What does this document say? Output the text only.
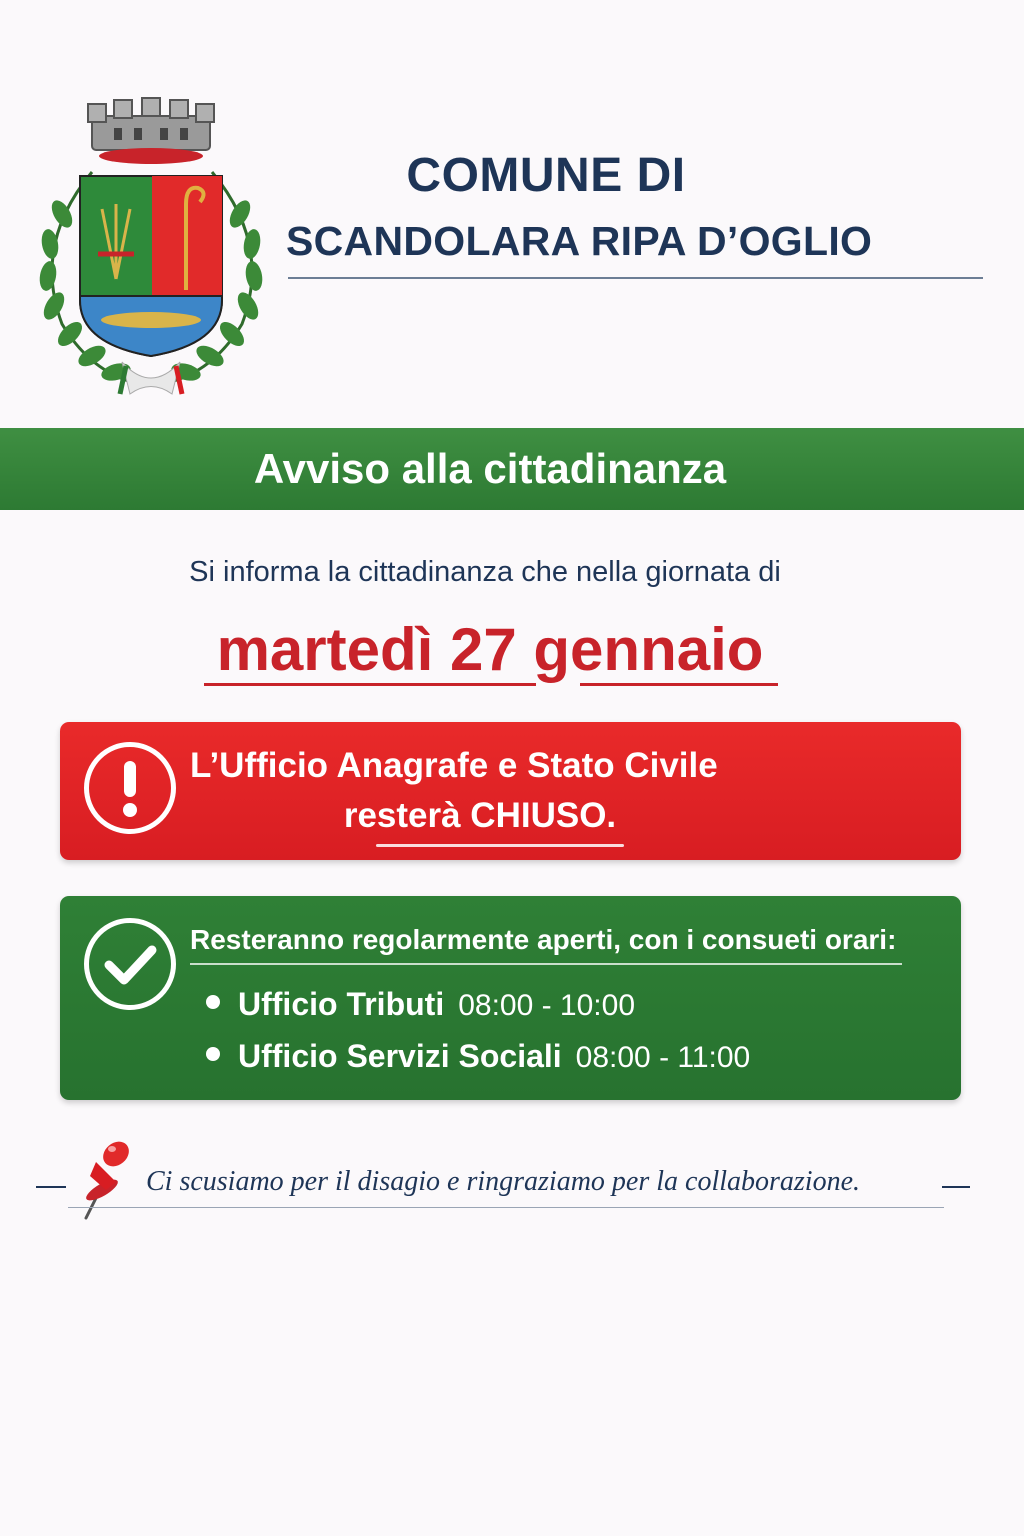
COMUNE DI
SCANDOLARA RIPA D’OGLIO
Avviso alla cittadinanza

Si informa la cittadinanza che nella giornata di

martedì 27 gennaio

L’Ufficio Anagrafe e Stato Civile

resterà CHIUSO.

Resteranno regolarmente aperti, con i consueti orari:

Ufficio Tributi 08:00 - 10:00

Ufficio Servizi Sociali 08:00 - 11:00

Ci scusiamo per il disagio e ringraziamo per la collaborazione.
